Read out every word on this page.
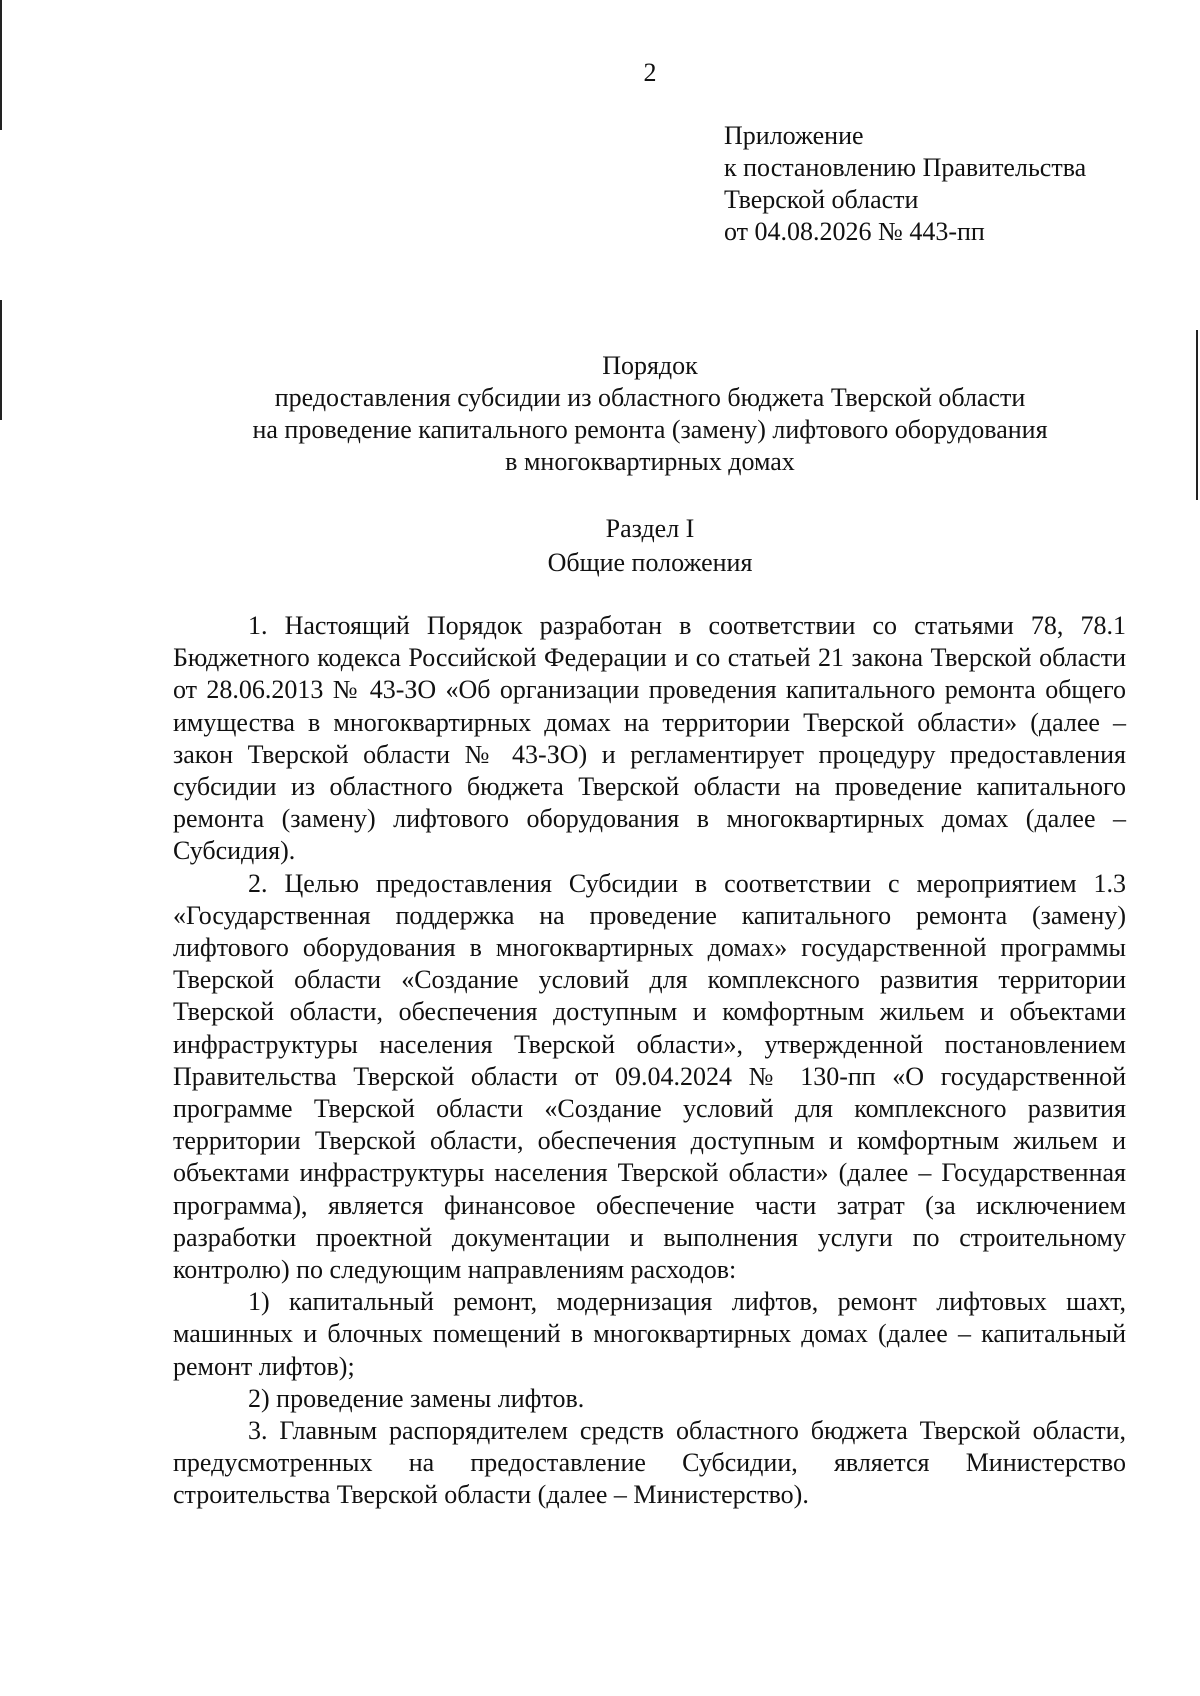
2
Приложение
к постановлению Правительства
Тверской области
от 04.08.2026 № 443-пп
Порядок
предоставления субсидии из областного бюджета Тверской области
на проведение капитального ремонта (замену) лифтового оборудования
в многоквартирных домах
Раздел I
Общие положения

1. Настоящий Порядок разработан в соответствии со статьями 78, 78.1 Бюджетного кодекса Российской Федерации и со статьей 21 закона Тверской области от 28.06.2013 № 43-ЗО «Об организации проведения капитального ремонта общего имущества в многоквартирных домах на территории Тверской области» (далее – закон Тверской области № 43-ЗО) и регламентирует процедуру предоставления субсидии из областного бюджета Тверской области на проведение капитального ремонта (замену) лифтового оборудования в многоквартирных домах (далее – Субсидия).

2. Целью предоставления Субсидии в соответствии с мероприятием 1.3 «Государственная поддержка на проведение капитального ремонта (замену) лифтового оборудования в многоквартирных домах» государственной программы Тверской области «Создание условий для комплексного развития территории Тверской области, обеспечения доступным и комфортным жильем и объектами инфраструктуры населения Тверской области», утвержденной постановлением Правительства Тверской области от 09.04.2024 № 130-пп «О государственной программе Тверской области «Создание условий для комплексного развития территории Тверской области, обеспечения доступным и комфортным жильем и объектами инфраструктуры населения Тверской области» (далее – Государственная программа), является финансовое обеспечение части затрат (за исключением разработки проектной документации и выполнения услуги по строительному контролю) по следующим направлениям расходов:

1) капитальный ремонт, модернизация лифтов, ремонт лифтовых шахт, машинных и блочных помещений в многоквартирных домах (далее – капитальный ремонт лифтов);

2) проведение замены лифтов.

3. Главным распорядителем средств областного бюджета Тверской области, предусмотренных на предоставление Субсидии, является Министерство строительства Тверской области (далее – Министерство).
